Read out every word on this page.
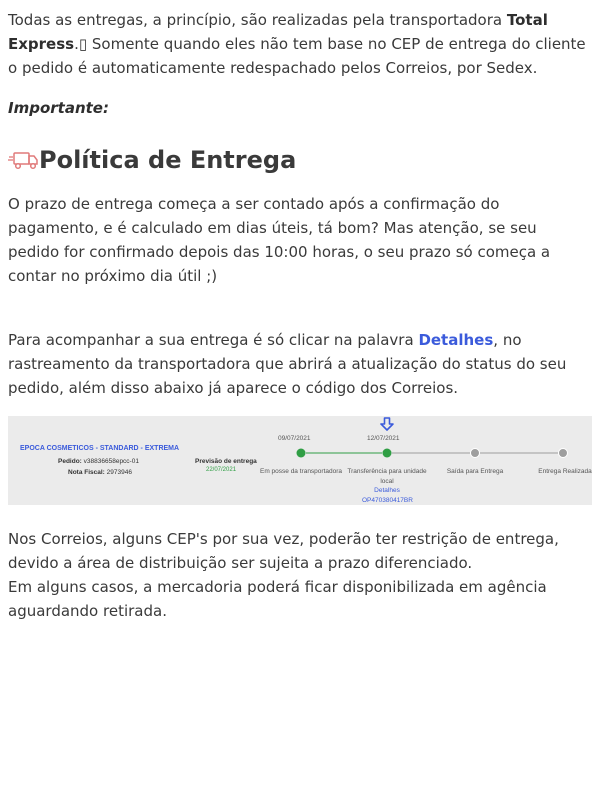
Todas as entregas, a princípio, são realizadas pela transportadora Total Express.▯ Somente quando eles não tem base no CEP de entrega do cliente o pedido é automaticamente redespachado pelos Correios, por Sedex.

Importante:

Política de Entrega

O prazo de entrega começa a ser contado após a confirmação do pagamento, e é calculado em dias úteis, tá bom? Mas atenção, se seu pedido for confirmado depois das 10:00 horas, o seu prazo só começa a contar no próximo dia útil ;)

Para acompanhar a sua entrega é só clicar na palavra Detalhes, no rastreamento da transportadora que abrirá a atualização do status do seu pedido, além disso abaixo já aparece o código dos Correios.

EPOCA COSMETICOS - STANDARD - EXTREMA
Pedido: v38836658epcc-01
Nota Fiscal: 2973946
Previsão de entrega
22/07/2021
09/07/2021	12/07/2021
Em posse da transportadora Transferência para unidade local
Saída para Entrega	Entrega Realizada
Detalhes
OP470380417BR

Nos Correios, alguns CEP's por sua vez, poderão ter restrição de entrega, devido a área de distribuição ser sujeita a prazo diferenciado.

Em alguns casos, a mercadoria poderá ficar disponibilizada em agência aguardando retirada.
